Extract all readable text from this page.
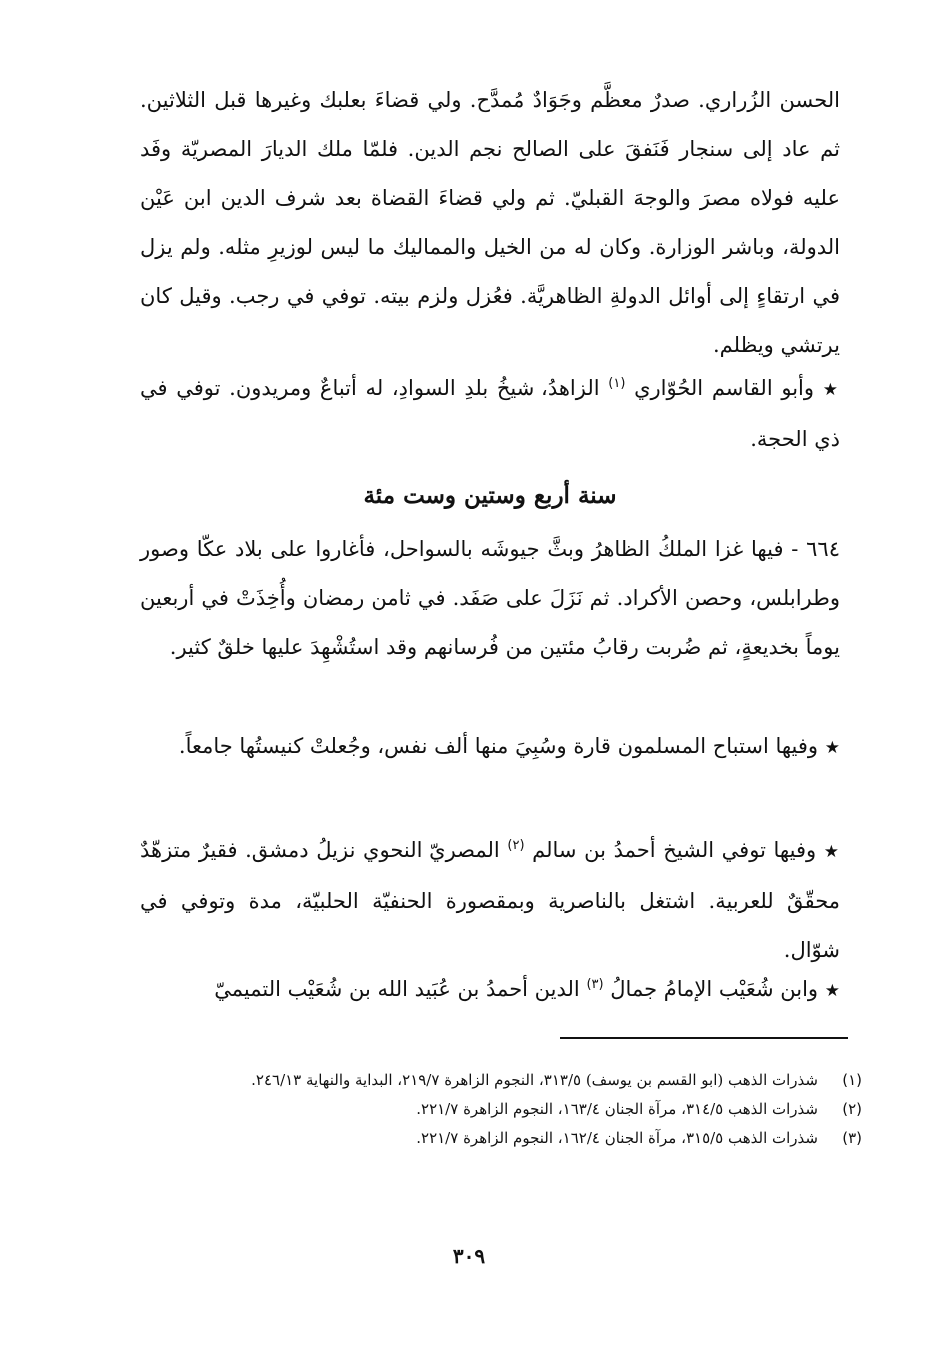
الحسن الزُراري. صدرٌ معظَّم وجَوَادٌ مُمدَّح. ولي قضاءَ بعلبك وغيرها قبل الثلاثين. ثم عاد إلى سنجار فَنَفقَ على الصالح نجم الدين. فلمّا ملك الديارَ المصريّة وفَد عليه فولاه مصرَ والوجهَ القبليّ. ثم ولي قضاءَ القضاة بعد شرف الدين ابن عَيْن الدولة، وباشر الوزارة. وكان له من الخيل والمماليك ما ليس لوزيرِ مثله. ولم يزل في ارتقاءٍ إلى أوائل الدولةِ الظاهريَّة. فعُزل ولزم بيته. توفي في رجب. وقيل كان يرتشي ويظلم.

★ وأبو القاسم الحُوّاري $^{(١)}$ الزاهدُ، شيخُ بلدِ السوادِ، له أتباعٌ ومريدون. توفي في ذي الحجة.

سنة أربع وستين وست مئة

٦٦٤ - فيها غزا الملكُ الظاهرُ وبثَّ جيوشَه بالسواحل، فأغاروا على بلاد عكّا وصور وطرابلس، وحصن الأكراد. ثم نَزَلَ على صَفَد. في ثامن رمضان وأُخِذَتْ في أربعين يوماً بخديعةٍ، ثم ضُربت رقابُ مئتين من فُرسانهم وقد استُشْهِدَ عليها خلقٌ كثير.

★ وفيها استباح المسلمون قارة وسُبِيَ منها ألف نفس، وجُعلتْ كنيستُها جامعاً.

★ وفيها توفي الشيخ أحمدُ بن سالم $^{(٢)}$ المصريّ النحوي نزيلُ دمشق. فقيرٌ متزهّدٌ محقّقٌ للعربية. اشتغل بالناصرية وبمقصورة الحنفيّة الحلبيّة، مدة وتوفي في شوّال.

★ وابن شُعَيْب الإمامُ جمالُ $^{(٣)}$ الدين أحمدُ بن عُبَيد الله بن شُعَيْب التميميّ

(١)
شذرات الذهب (ابو القسم بن يوسف) ٣١٣/٥، النجوم الزاهرة ٢١٩/٧، البداية والنهاية ٢٤٦/١٣.
(٢)
شذرات الذهب ٣١٤/٥، مرآة الجنان ١٦٣/٤، النجوم الزاهرة ٢٢١/٧.
(٣)
شذرات الذهب ٣١٥/٥، مرآة الجنان ١٦٢/٤، النجوم الزاهرة ٢٢١/٧.
٣٠٩
